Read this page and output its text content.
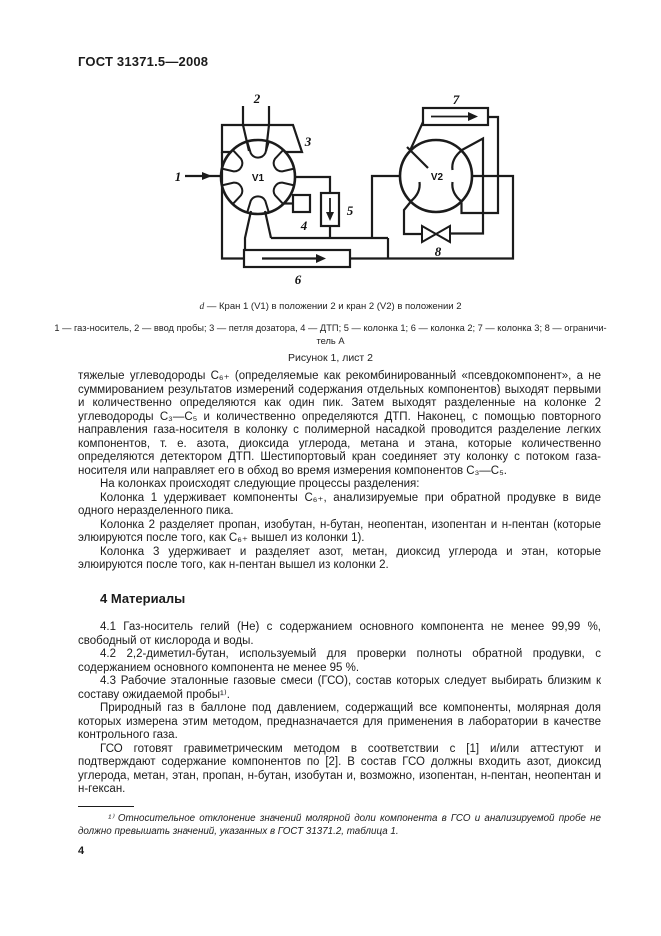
ГОСТ 31371.5—2008
1
2
3
4
5
6
7
8
V1	V2
d — Кран 1 (V1) в положении 2 и кран 2 (V2) в положении 2
1 — газ-носитель, 2 — ввод пробы; 3 — петля дозатора, 4 — ДТП; 5 — колонка 1; 6 — колонка 2; 7 — колонка 3; 8 — ограничи-
тель А
Рисунок 1, лист 2

тяжелые углеводороды С₆₊ (определяемые как рекомбинированный «псевдокомпонент», а не суммированием результатов измерений содержания отдельных компонентов) выходят первыми и количественно определяются как один пик. Затем выходят разделенные на колонке 2 углеводороды С₃—С₅ и количественно определяются ДТП. Наконец, с помощью повторного направления газа-носителя в колонку с полимерной насадкой проводится разделение легких компонентов, т. е. азота, диоксида углерода, метана и этана, которые количественно определяются детектором ДТП. Шестипортовый кран соединяет эту колонку с потоком газа-носителя или направляет его в обход во время измерения компонентов С₃—С₅.

На колонках происходят следующие процессы разделения:

Колонка 1 удерживает компоненты С₆₊, анализируемые при обратной продувке в виде одного неразделенного пика.

Колонка 2 разделяет пропан, изобутан, н-бутан, неопентан, изопентан и н-пентан (которые элюируются после того, как С₆₊ вышел из колонки 1).

Колонка 3 удерживает и разделяет азот, метан, диоксид углерода и этан, которые элюируются после того, как н-пентан вышел из колонки 2.

4 Материалы

4.1 Газ-носитель гелий (Не) с содержанием основного компонента не менее 99,99 %, свободный от кислорода и воды.

4.2 2,2-диметил-бутан, используемый для проверки полноты обратной продувки, с содержанием основного компонента не менее 95 %.

4.3 Рабочие эталонные газовые смеси (ГСО), состав которых следует выбирать близким к составу ожидаемой пробы¹⁾.

Природный газ в баллоне под давлением, содержащий все компоненты, молярная доля которых измерена этим методом, предназначается для применения в лаборатории в качестве контрольного газа.

ГСО готовят гравиметрическим методом в соответствии с [1] и/или аттестуют и подтверждают содержание компонентов по [2]. В состав ГСО должны входить азот, диоксид углерода, метан, этан, пропан, н-бутан, изобутан и, возможно, изопентан, н-пентан, неопентан и н-гексан.

¹⁾ Относительное отклонение значений молярной доли компонента в ГСО и анализируемой пробе не должно превышать значений, указанных в ГОСТ 31371.2, таблица 1.
4
